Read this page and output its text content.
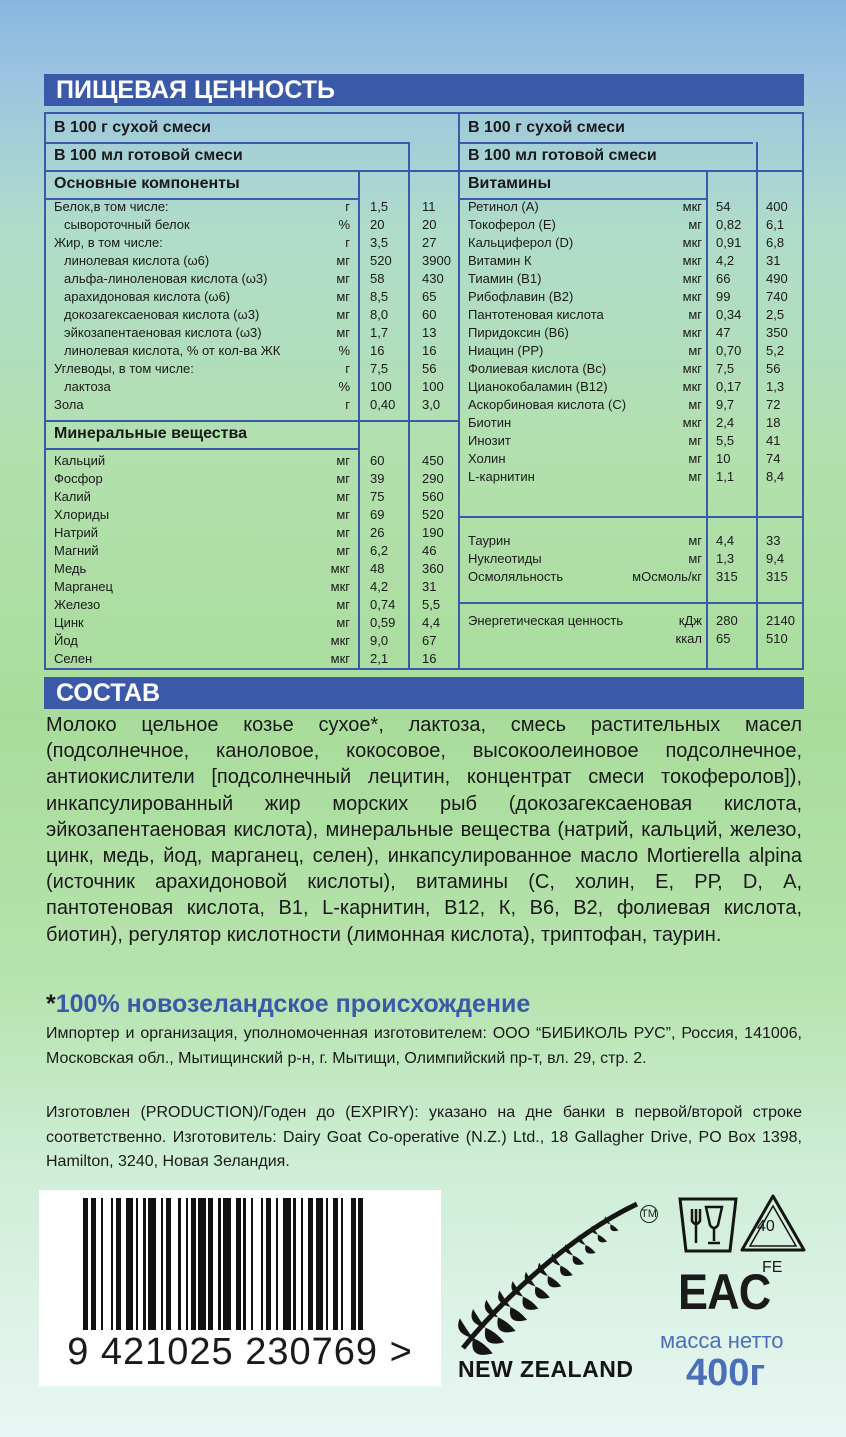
ПИЩЕВАЯ ЦЕННОСТЬ
В 100 г сухой смеси
В 100 мл готовой смеси
Основные компоненты
Белок,в том числе:	г 1,5	11
сывороточный белок	% 20	20
Жир, в том числе:	г 3,5	27
линолевая кислота (ω6)	мг 520 3900
альфа-линоленовая кислота (ω3)	мг 58	430
арахидоновая кислота (ω6)	мг 8,5	65
докозагексаеновая кислота (ω3)	мг 8,0	60
эйкозапентаеновая кислота (ω3)	мг 1,7	13
линолевая кислота, % от кол-ва ЖК	% 16	16
Углеводы, в том числе:	г 7,5	56
лактоза	% 100 100
Зола	г 0,40 3,0
Минеральные вещества
Кальций	мг 60	450
Фосфор	мг 39	290
Калий	мг 75	560
Хлориды	мг 69	520
Натрий	мг 26	190
Магний	мг 6,2	46
Медь	мкг 48	360
Марганец	мкг 4,2	31
Железо	мг 0,74 5,5
Цинк	мг 0,59 4,4
Йод	мкг 9,0	67
Селен	мкг 2,1	16
В 100 г сухой смеси
В 100 мл готовой смеси
Витамины
Ретинол (А)	мкг 54	400
Токоферол (Е)	мг 0,82 6,1
Кальциферол (D)	мкг 0,91 6,8
Витамин К	мкг 4,2 31
Тиамин (В1)	мкг 66	490
Рибофлавин (В2)	мкг 99	740
Пантотеновая кислота	мг 0,34 2,5
Пиридоксин (В6)	мкг 47	350
Ниацин (РР)	мг 0,70 5,2
Фолиевая кислота (Вс)	мкг 7,5 56
Цианокобаламин (В12)	мкг 0,17 1,3
Аскорбиновая кислота (С)	мг 9,7 72
Биотин	мкг 2,4 18
Инозит	мг 5,5 41
Холин	мг 10	74
L-карнитин	мг 1,1 8,4
Таурин	мг 4,4 33
Нуклеотиды	мг 1,3 9,4
Осмоляльность	мОсмоль/кг 315 315
Энергетическая ценность	кДж 280 2140
ккал 65	510
СОСТАВ
Молоко цельное козье сухое*, лактоза, смесь растительных масел (подсолнечное, каноловое, кокосовое, высокоолеиновое подсолнечное, антиокислители [подсолнечный лецитин, концентрат смеси токоферолов]), инкапсулированный жир морских рыб (докозагексаеновая кислота, эйкозапентаеновая кислота), минеральные вещества (натрий, кальций, железо, цинк, медь, йод, марганец, селен), инкапсулированное масло Mortierella alpina (источник арахидоновой кислоты), витамины (С, холин, Е, РР, D, А, пантотеновая кислота, В1, L-карнитин, В12, К, В6, В2, фолиевая кислота, биотин), регулятор кислотности (лимонная кислота), триптофан, таурин.
*100% новозеландское происхождение
Импортер и организация, уполномоченная изготовителем: ООО “БИБИКОЛЬ РУС”, Россия, 141006, Московская обл., Мытищинский р-н, г. Мытищи, Олимпийский пр-т, вл. 29, стр. 2.
Изготовлен (PRODUCTION)/Годен до (EXPIRY): указано на дне банки в первой/второй строке соответственно. Изготовитель: Dairy Goat Co-operative (N.Z.) Ltd., 18 Gallagher Drive, PO Box 1398, Hamilton, 3240, Новая Зеландия.
9 421025 230769 >
TM
NEW ZEALAND
40
FE
EAC
масса нетто
400г
